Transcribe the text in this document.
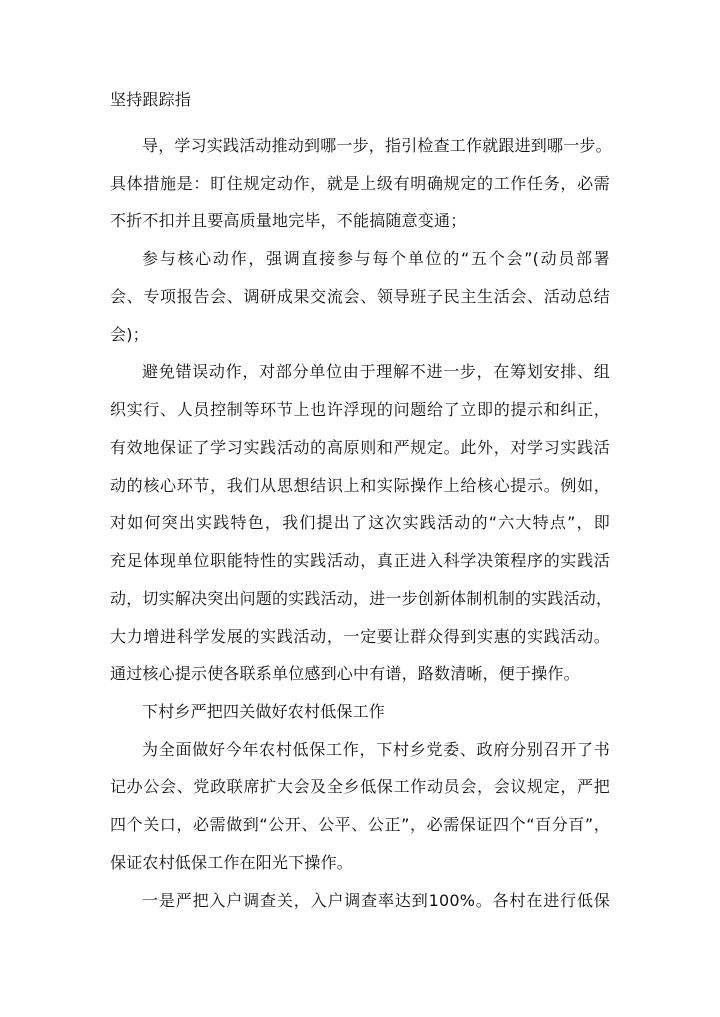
坚持跟踪指
导，学习实践活动推动到哪一步，指引检查工作就跟进到哪一步。
具体措施是：盯住规定动作，就是上级有明确规定的工作任务，必需
不折不扣并且要高质量地完毕，不能搞随意变通；
参与核心动作，强调直接参与每个单位的“五个会”(动员部署
会、专项报告会、调研成果交流会、领导班子民主生活会、活动总结
会)；
避免错误动作，对部分单位由于理解不进一步，在筹划安排、组
织实行、人员控制等环节上也许浮现的问题给了立即的提示和纠正，
有效地保证了学习实践活动的高原则和严规定。此外，对学习实践活
动的核心环节，我们从思想结识上和实际操作上给核心提示。例如，
对如何突出实践特色，我们提出了这次实践活动的“六大特点”，即
充足体现单位职能特性的实践活动，真正进入科学决策程序的实践活
动，切实解决突出问题的实践活动，进一步创新体制机制的实践活动，
大力增进科学发展的实践活动，一定要让群众得到实惠的实践活动。
通过核心提示使各联系单位感到心中有谱，路数清晰，便于操作。
下村乡严把四关做好农村低保工作
为全面做好今年农村低保工作，下村乡党委、政府分别召开了书
记办公会、党政联席扩大会及全乡低保工作动员会，会议规定，严把
四个关口，必需做到“公开、公平、公正”，必需保证四个“百分百”，
保证农村低保工作在阳光下操作。
一是严把入户调查关，入户调查率达到100%。各村在进行低保
